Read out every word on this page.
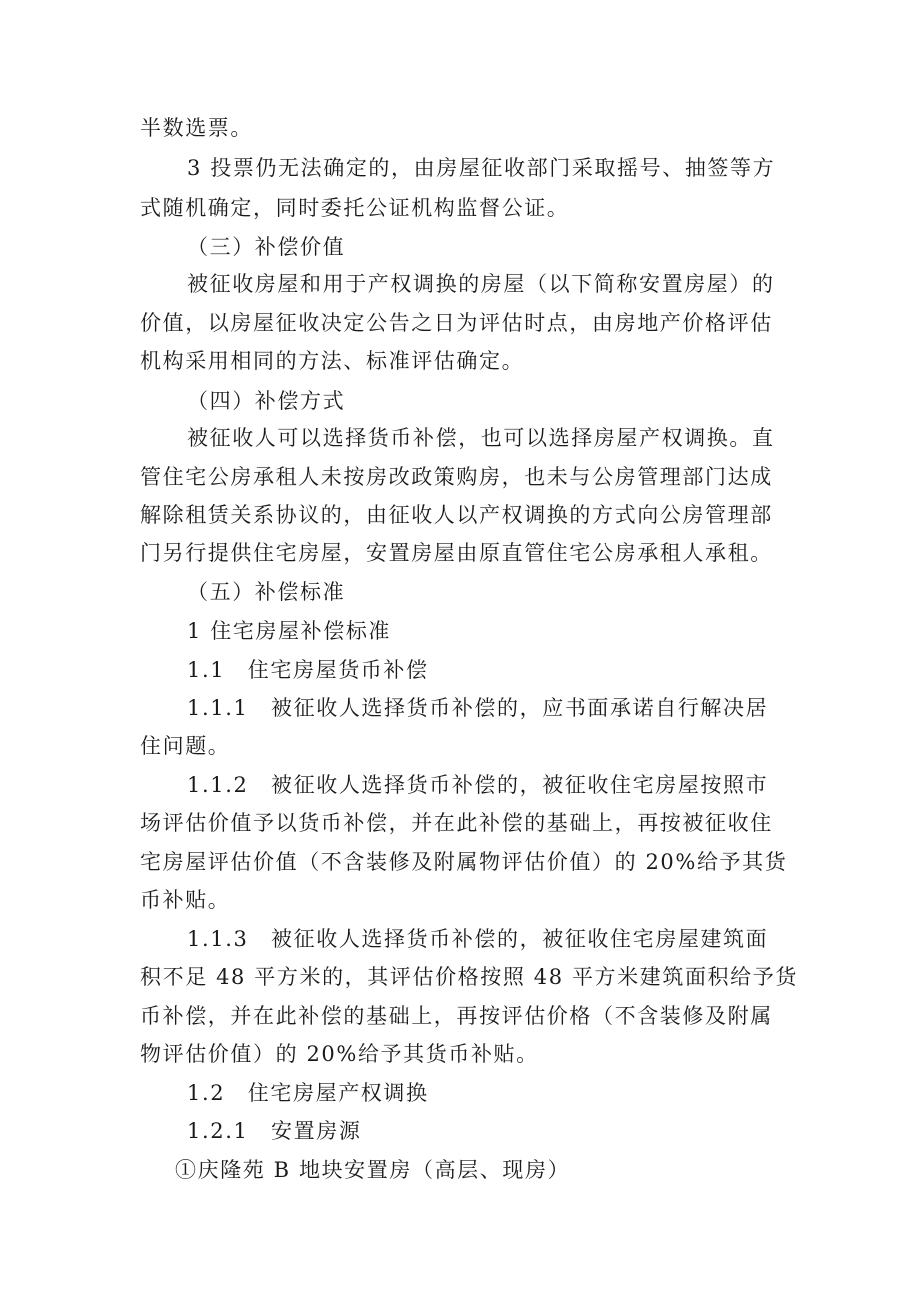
半数选票。
3 投票仍无法确定的，由房屋征收部门采取摇号、抽签等方
式随机确定，同时委托公证机构监督公证。
（三）补偿价值
被征收房屋和用于产权调换的房屋（以下简称安置房屋）的
价值，以房屋征收决定公告之日为评估时点，由房地产价格评估
机构采用相同的方法、标准评估确定。
（四）补偿方式
被征收人可以选择货币补偿，也可以选择房屋产权调换。直
管住宅公房承租人未按房改政策购房，也未与公房管理部门达成
解除租赁关系协议的，由征收人以产权调换的方式向公房管理部
门另行提供住宅房屋，安置房屋由原直管住宅公房承租人承租。
（五）补偿标准
1 住宅房屋补偿标准
1.1　住宅房屋货币补偿
1.1.1　被征收人选择货币补偿的，应书面承诺自行解决居
住问题。
1.1.2　被征收人选择货币补偿的，被征收住宅房屋按照市
场评估价值予以货币补偿，并在此补偿的基础上，再按被征收住
宅房屋评估价值（不含装修及附属物评估价值）的 20%给予其货
币补贴。
1.1.3　被征收人选择货币补偿的，被征收住宅房屋建筑面
积不足 48 平方米的，其评估价格按照 48 平方米建筑面积给予货
币补偿，并在此补偿的基础上，再按评估价格（不含装修及附属
物评估价值）的 20%给予其货币补贴。
1.2　住宅房屋产权调换
1.2.1　安置房源
①庆隆苑 B 地块安置房（高层、现房）
